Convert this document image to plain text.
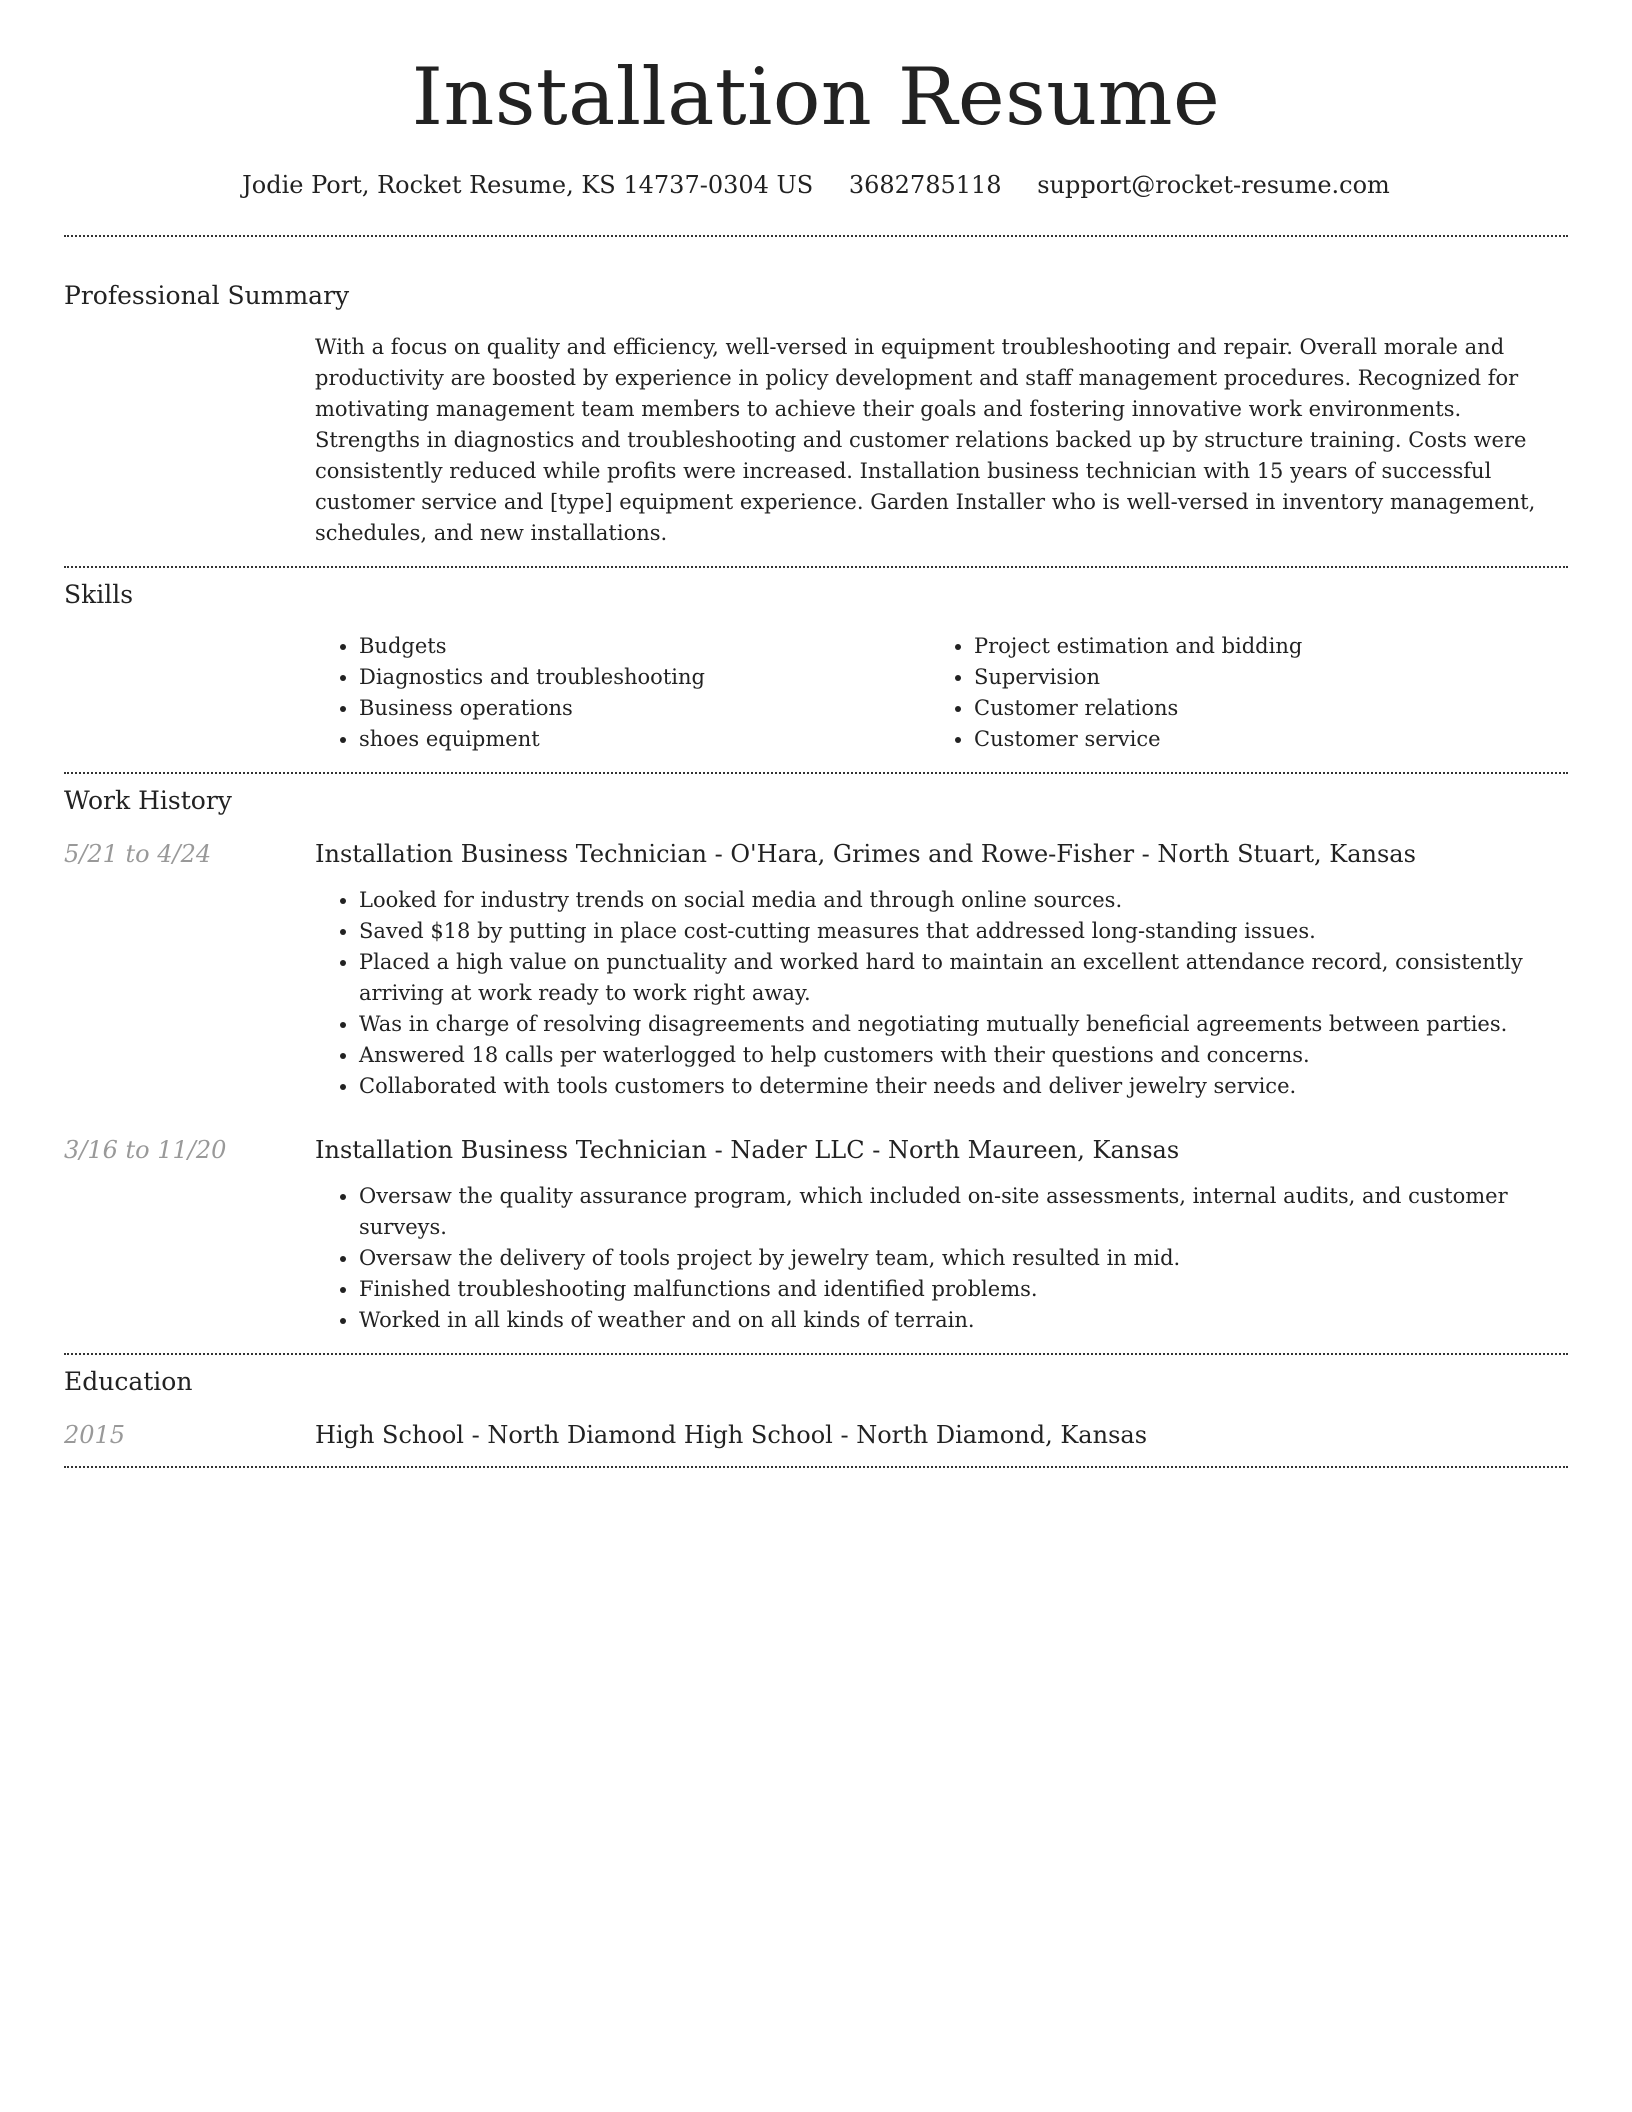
Installation Resume
Jodie Port, Rocket Resume, KS 14737-0304 US 3682785118 support@rocket-resume.com
Professional Summary
With a focus on quality and efficiency, well-versed in equipment troubleshooting and repair. Overall morale and productivity are boosted by experience in policy development and staff management procedures. Recognized for motivating management team members to achieve their goals and fostering innovative work environments. Strengths in diagnostics and troubleshooting and customer relations backed up by structure training. Costs were consistently reduced while profits were increased. Installation business technician with 15 years of successful customer service and [type] equipment experience. Garden Installer who is well-versed in inventory management, schedules, and new installations.
Skills
• Budgets
• Diagnostics and troubleshooting
• Business operations
• shoes equipment
• Project estimation and bidding
• Supervision
• Customer relations
• Customer service
Work History
5/21 to 4/24	Installation Business Technician - O'Hara, Grimes and Rowe-Fisher - North Stuart, Kansas
• Looked for industry trends on social media and through online sources.
• Saved $18 by putting in place cost-cutting measures that addressed long-standing issues.
• Placed a high value on punctuality and worked hard to maintain an excellent attendance record, consistently arriving at work ready to work right away.
• Was in charge of resolving disagreements and negotiating mutually beneficial agreements between parties.
• Answered 18 calls per waterlogged to help customers with their questions and concerns.
• Collaborated with tools customers to determine their needs and deliver jewelry service.
3/16 to 11/20	Installation Business Technician - Nader LLC - North Maureen, Kansas
• Oversaw the quality assurance program, which included on-site assessments, internal audits, and customer surveys.
• Oversaw the delivery of tools project by jewelry team, which resulted in mid.
• Finished troubleshooting malfunctions and identified problems.
• Worked in all kinds of weather and on all kinds of terrain.
Education
2015	High School - North Diamond High School - North Diamond, Kansas
